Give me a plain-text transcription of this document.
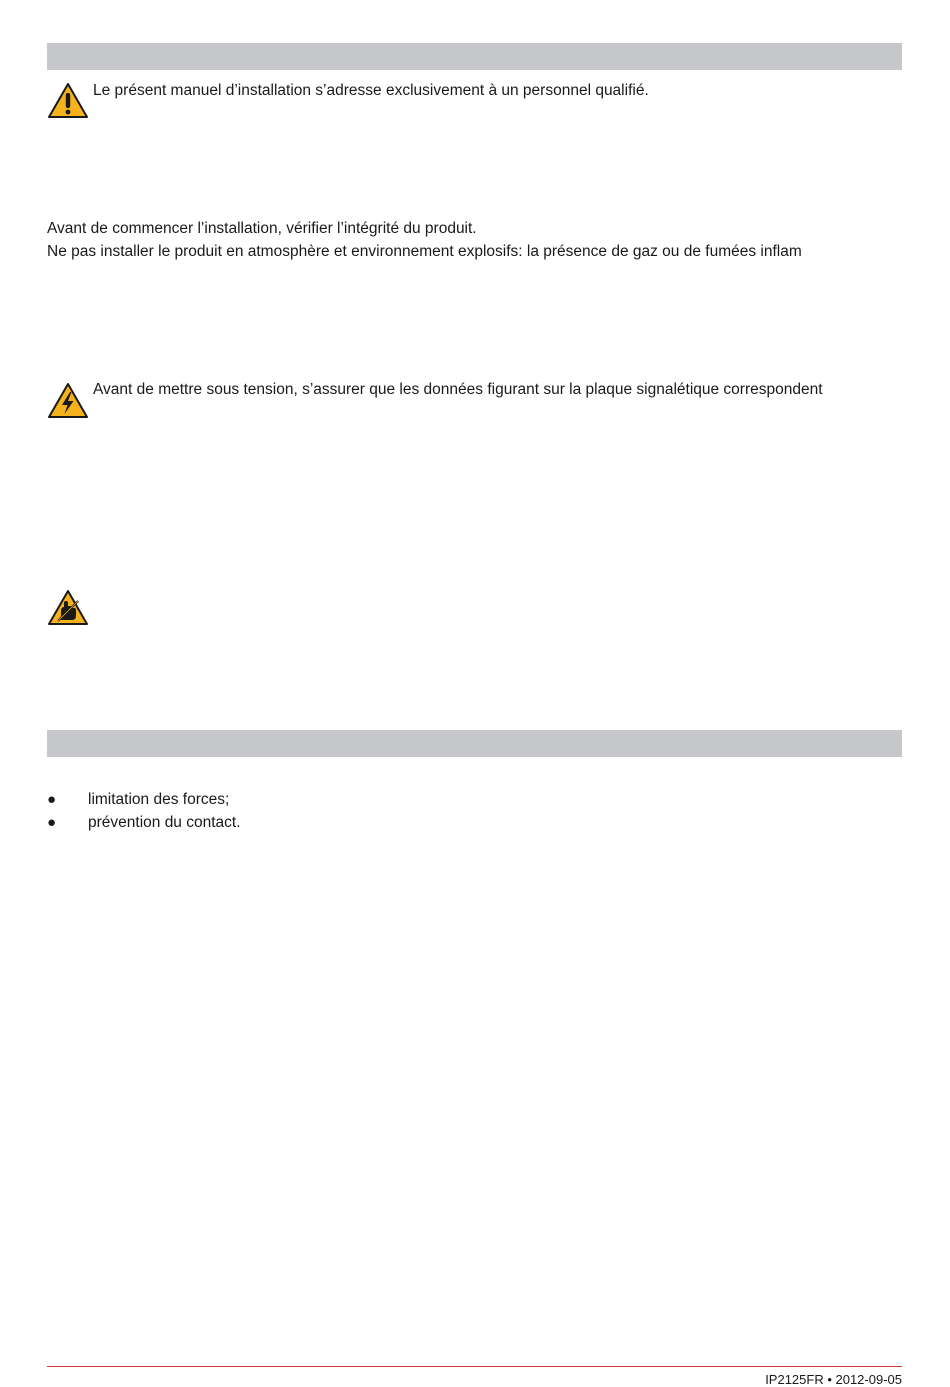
Le présent manuel d’installation s’adresse exclusivement à un personnel qualifié.
Avant de commencer l’installation, vérifier l’intégrité du produit.
Ne pas installer le produit en atmosphère et environnement explosifs: la présence de gaz ou de fumées inflam
Avant de mettre sous tension, s’assurer que les données figurant sur la plaque signalétique correspondent
● limitation des forces;
● prévention du contact.
IP2125FR • 2012-09-05
